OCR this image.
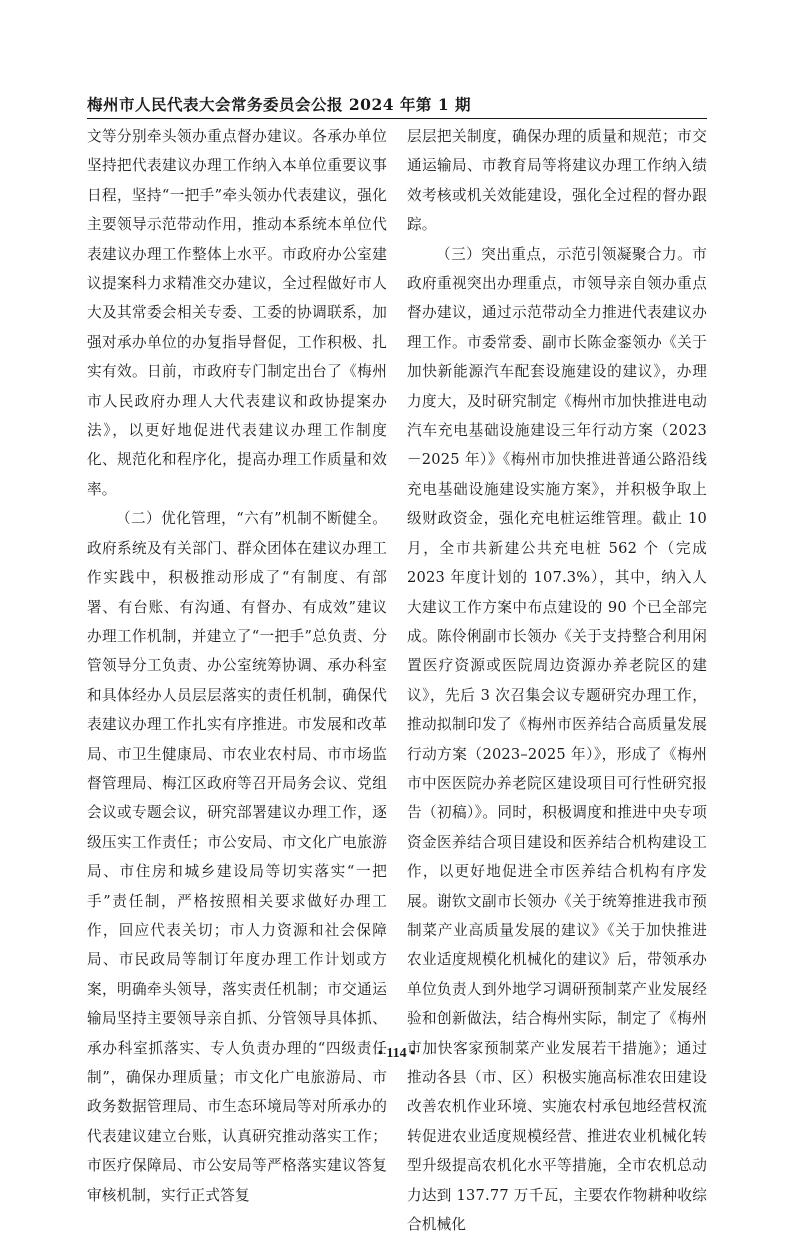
梅州市人民代表大会常务委员会公报 2024 年第 1 期

文等分别牵头领办重点督办建议。各承办单位坚持把代表建议办理工作纳入本单位重要议事日程，坚持“一把手”牵头领办代表建议，强化主要领导示范带动作用，推动本系统本单位代表建议办理工作整体上水平。市政府办公室建议提案科力求精准交办建议，全过程做好市人大及其常委会相关专委、工委的协调联系，加强对承办单位的办复指导督促，工作积极、扎实有效。日前，市政府专门制定出台了《梅州市人民政府办理人大代表建议和政协提案办法》，以更好地促进代表建议办理工作制度化、规范化和程序化，提高办理工作质量和效率。

（二）优化管理，“六有”机制不断健全。政府系统及有关部门、群众团体在建议办理工作实践中，积极推动形成了“有制度、有部署、有台账、有沟通、有督办、有成效”建议办理工作机制，并建立了“一把手”总负责、分管领导分工负责、办公室统筹协调、承办科室和具体经办人员层层落实的责任机制，确保代表建议办理工作扎实有序推进。市发展和改革局、市卫生健康局、市农业农村局、市市场监督管理局、梅江区政府等召开局务会议、党组会议或专题会议，研究部署建议办理工作，逐级压实工作责任；市公安局、市文化广电旅游局、市住房和城乡建设局等切实落实“一把手”责任制，严格按照相关要求做好办理工作，回应代表关切；市人力资源和社会保障局、市民政局等制订年度办理工作计划或方案，明确牵头领导，落实责任机制；市交通运输局坚持主要领导亲自抓、分管领导具体抓、承办科室抓落实、专人负责办理的“四级责任制”，确保办理质量；市文化广电旅游局、市政务数据管理局、市生态环境局等对所承办的代表建议建立台账，认真研究推动落实工作；市医疗保障局、市公安局等严格落实建议答复审核机制，实行正式答复

层层把关制度，确保办理的质量和规范；市交通运输局、市教育局等将建议办理工作纳入绩效考核或机关效能建设，强化全过程的督办跟踪。

（三）突出重点，示范引领凝聚合力。市政府重视突出办理重点，市领导亲自领办重点督办建议，通过示范带动全力推进代表建议办理工作。市委常委、副市长陈金銮领办《关于加快新能源汽车配套设施建设的建议》，办理力度大，及时研究制定《梅州市加快推进电动汽车充电基础设施建设三年行动方案（2023－2025 年）》《梅州市加快推进普通公路沿线充电基础设施建设实施方案》，并积极争取上级财政资金，强化充电桩运维管理。截止 10 月，全市共新建公共充电桩 562 个（完成 2023 年度计划的 107.3%），其中，纳入人大建议工作方案中布点建设的 90 个已全部完成。陈伶俐副市长领办《关于支持整合利用闲置医疗资源或医院周边资源办养老院区的建议》，先后 3 次召集会议专题研究办理工作，推动拟制印发了《梅州市医养结合高质量发展行动方案（2023–2025 年）》，形成了《梅州市中医医院办养老院区建设项目可行性研究报告（初稿）》。同时，积极调度和推进中央专项资金医养结合项目建设和医养结合机构建设工作，以更好地促进全市医养结合机构有序发展。谢钦文副市长领办《关于统筹推进我市预制菜产业高质量发展的建议》《关于加快推进农业适度规模化机械化的建议》后，带领承办单位负责人到外地学习调研预制菜产业发展经验和创新做法，结合梅州实际，制定了《梅州市加快客家预制菜产业发展若干措施》；通过推动各县（市、区）积极实施高标准农田建设改善农机作业环境、实施农村承包地经营权流转促进农业适度规模经营、推进农业机械化转型升级提高农机化水平等措施，全市农机总动力达到 137.77 万千瓦，主要农作物耕种收综合机械化

• 114 •
